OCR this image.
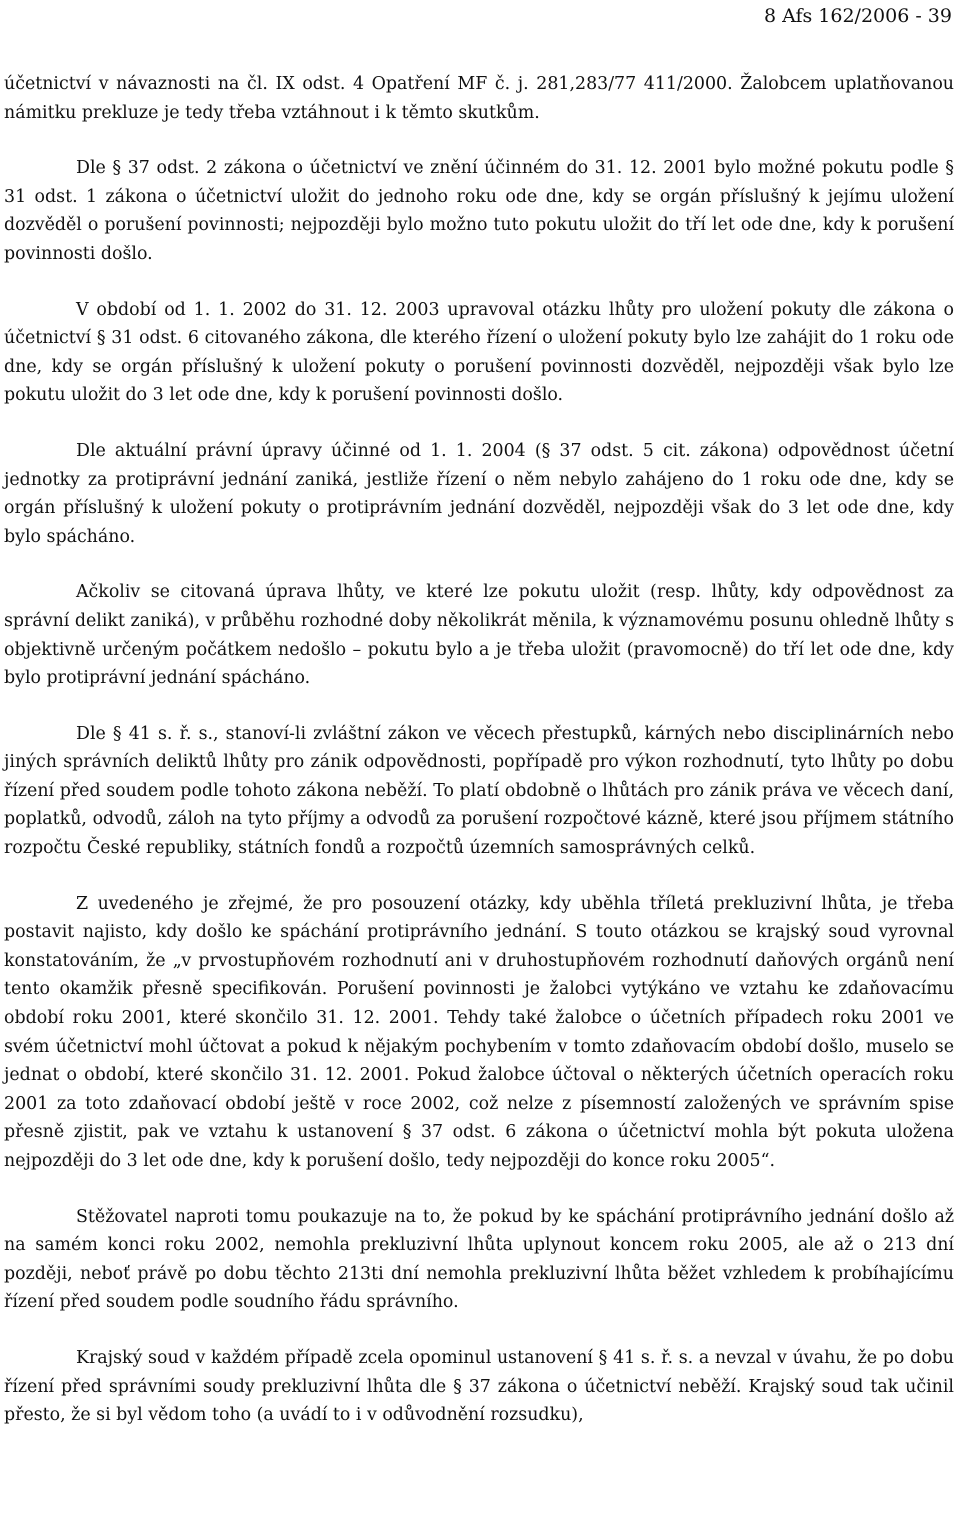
8 Afs 162/2006 - 39

účetnictví v návaznosti na čl. IX odst. 4 Opatření MF č. j. 281,283/77 411/2000. Žalobcem uplatňovanou námitku prekluze je tedy třeba vztáhnout i k těmto skutkům.

Dle § 37 odst. 2 zákona o účetnictví ve znění účinném do 31. 12. 2001 bylo možné pokutu podle § 31 odst. 1 zákona o účetnictví uložit do jednoho roku ode dne, kdy se orgán příslušný k jejímu uložení dozvěděl o porušení povinnosti; nejpozději bylo možno tuto pokutu uložit do tří let ode dne, kdy k porušení povinnosti došlo.

V období od 1. 1. 2002 do 31. 12. 2003 upravoval otázku lhůty pro uložení pokuty dle zákona o účetnictví § 31 odst. 6 citovaného zákona, dle kterého řízení o uložení pokuty bylo lze zahájit do 1 roku ode dne, kdy se orgán příslušný k uložení pokuty o porušení povinnosti dozvěděl, nejpozději však bylo lze pokutu uložit do 3 let ode dne, kdy k porušení povinnosti došlo.

Dle aktuální právní úpravy účinné od 1. 1. 2004 (§ 37 odst. 5 cit. zákona) odpovědnost účetní jednotky za protiprávní jednání zaniká, jestliže řízení o něm nebylo zahájeno do 1 roku ode dne, kdy se orgán příslušný k uložení pokuty o protiprávním jednání dozvěděl, nejpozději však do 3 let ode dne, kdy bylo spácháno.

Ačkoliv se citovaná úprava lhůty, ve které lze pokutu uložit (resp. lhůty, kdy odpovědnost za správní delikt zaniká), v průběhu rozhodné doby několikrát měnila, k významovému posunu ohledně lhůty s objektivně určeným počátkem nedošlo – pokutu bylo a je třeba uložit (pravomocně) do tří let ode dne, kdy bylo protiprávní jednání spácháno.

Dle § 41 s. ř. s., stanoví-li zvláštní zákon ve věcech přestupků, kárných nebo disciplinárních nebo jiných správních deliktů lhůty pro zánik odpovědnosti, popřípadě pro výkon rozhodnutí, tyto lhůty po dobu řízení před soudem podle tohoto zákona neběží. To platí obdobně o lhůtách pro zánik práva ve věcech daní, poplatků, odvodů, záloh na tyto příjmy a odvodů za porušení rozpočtové kázně, které jsou příjmem státního rozpočtu České republiky, státních fondů a rozpočtů územních samosprávných celků.

Z uvedeného je zřejmé, že pro posouzení otázky, kdy uběhla tříletá prekluzivní lhůta, je třeba postavit najisto, kdy došlo ke spáchání protiprávního jednání. S touto otázkou se krajský soud vyrovnal konstatováním, že „v prvostupňovém rozhodnutí ani v druhostupňovém rozhodnutí daňových orgánů není tento okamžik přesně specifikován. Porušení povinnosti je žalobci vytýkáno ve vztahu ke zdaňovacímu období roku 2001, které skončilo 31. 12. 2001. Tehdy také žalobce o účetních případech roku 2001 ve svém účetnictví mohl účtovat a pokud k nějakým pochybením v tomto zdaňovacím období došlo, muselo se jednat o období, které skončilo 31. 12. 2001. Pokud žalobce účtoval o některých účetních operacích roku 2001 za toto zdaňovací období ještě v roce 2002, což nelze z písemností založených ve správním spise přesně zjistit, pak ve vztahu k ustanovení § 37 odst. 6 zákona o účetnictví mohla být pokuta uložena nejpozději do 3 let ode dne, kdy k porušení došlo, tedy nejpozději do konce roku 2005“.

Stěžovatel naproti tomu poukazuje na to, že pokud by ke spáchání protiprávního jednání došlo až na samém konci roku 2002, nemohla prekluzivní lhůta uplynout koncem roku 2005, ale až o 213 dní později, neboť právě po dobu těchto 213ti dní nemohla prekluzivní lhůta běžet vzhledem k probíhajícímu řízení před soudem podle soudního řádu správního.

Krajský soud v každém případě zcela opominul ustanovení § 41 s. ř. s. a nevzal v úvahu, že po dobu řízení před správními soudy prekluzivní lhůta dle § 37 zákona o účetnictví neběží. Krajský soud tak učinil přesto, že si byl vědom toho (a uvádí to i v odůvodnění rozsudku),
